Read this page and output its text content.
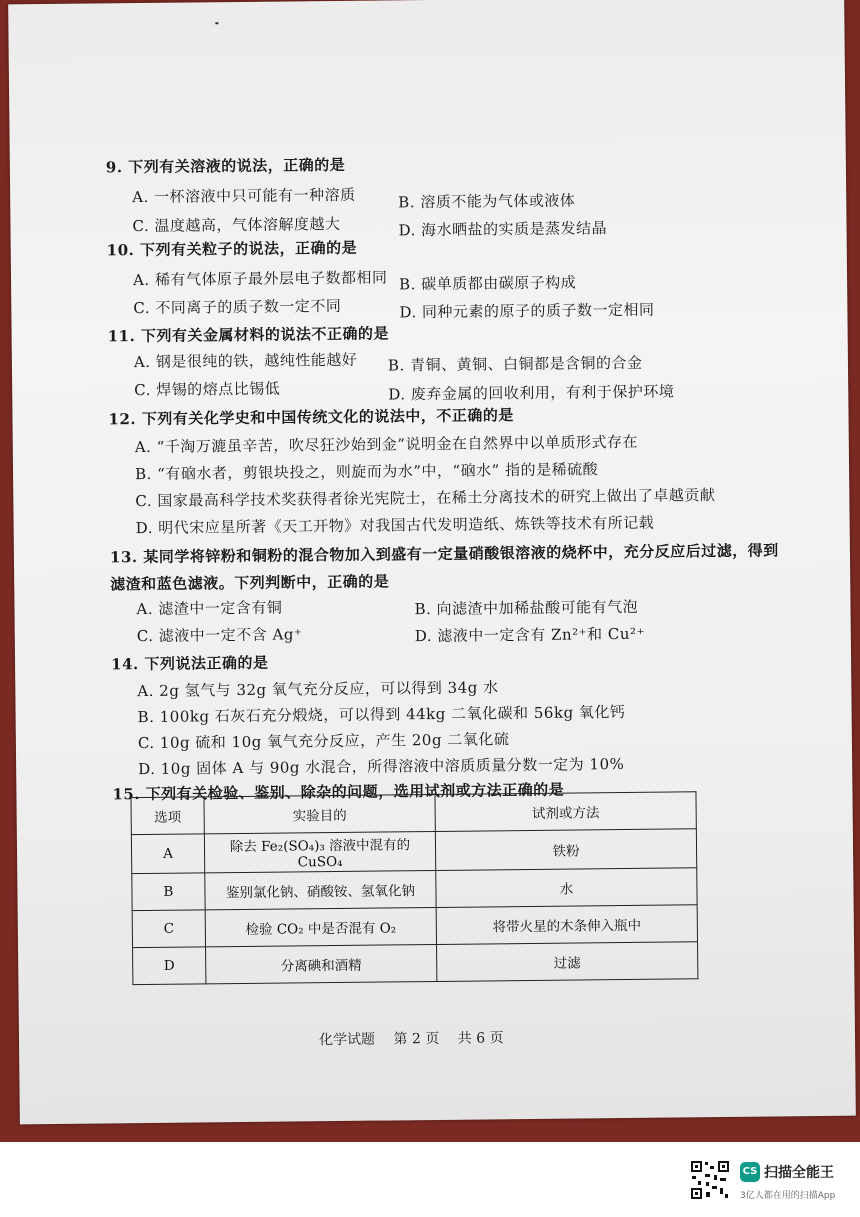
9. 下列有关溶液的说法，正确的是
A. 一杯溶液中只可能有一种溶质	B. 溶质不能为气体或液体
C. 温度越高，气体溶解度越大	D. 海水晒盐的实质是蒸发结晶
10. 下列有关粒子的说法，正确的是
A. 稀有气体原子最外层电子数都相同 B. 碳单质都由碳原子构成
C. 不同离子的质子数一定不同	D. 同种元素的原子的质子数一定相同
11. 下列有关金属材料的说法不正确的是
A. 钢是很纯的铁，越纯性能越好 B. 青铜、黄铜、白铜都是含铜的合金
C. 焊锡的熔点比锡低	D. 废弃金属的回收利用，有利于保护环境
12. 下列有关化学史和中国传统文化的说法中，不正确的是
A. “千淘万漉虽辛苦，吹尽狂沙始到金”说明金在自然界中以单质形式存在
B. “有硇水者，剪银块投之，则旋而为水”中，“硇水” 指的是稀硫酸
C. 国家最高科学技术奖获得者徐光宪院士，在稀土分离技术的研究上做出了卓越贡献
D. 明代宋应星所著《天工开物》对我国古代发明造纸、炼铁等技术有所记载
13. 某同学将锌粉和铜粉的混合物加入到盛有一定量硝酸银溶液的烧杯中，充分反应后过滤，得到
滤渣和蓝色滤液。下列判断中，正确的是
A. 滤渣中一定含有铜	B. 向滤渣中加稀盐酸可能有气泡
C. 滤液中一定不含 Ag⁺	D. 滤液中一定含有 Zn²⁺和 Cu²⁺
14. 下列说法正确的是
A. 2g 氢气与 32g 氧气充分反应，可以得到 34g 水
B. 100kg 石灰石充分煅烧，可以得到 44kg 二氧化碳和 56kg 氧化钙
C. 10g 硫和 10g 氧气充分反应，产生 20g 二氧化硫
D. 10g 固体 A 与 90g 水混合，所得溶液中溶质质量分数一定为 10%
15. 下列有关检验、鉴别、除杂的问题，选用试剂或方法正确的是
选项	实验目的	试剂或方法
A	除去 Fe₂(SO₄)₃ 溶液中混有的 CuSO₄	铁粉
B	鉴别氯化钠、硝酸铵、氢氧化钠	水
C	检验 CO₂ 中是否混有 O₂	将带火星的木条伸入瓶中
D	分离碘和酒精	过滤
化学试题 第 2 页 共 6 页
CS 扫描全能王
3亿人都在用的扫描App
